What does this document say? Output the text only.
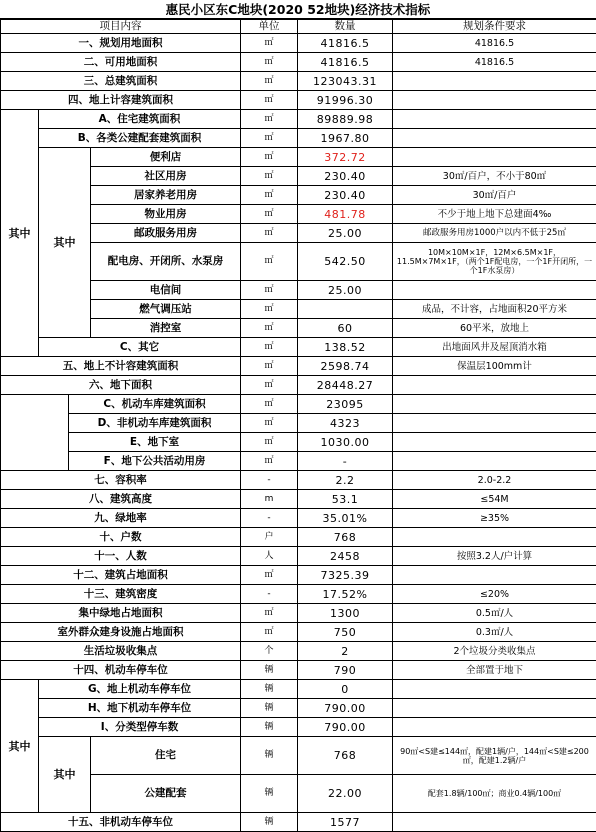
惠民小区东C地块(2020 52地块)经济技术指标
项目内容				单位	数量	规划条件要求
一、规划用地面积				㎡	41816.5	41816.5
二、可用地面积				㎡	41816.5	41816.5
三、总建筑面积				㎡	123043.31	
四、地上计容建筑面积				㎡	91996.30	
其中	A、住宅建筑面积			㎡	89889.98	
	B、各类公建配套建筑面积			㎡	1967.80	
	其中		便利店	㎡	372.72	
			社区用房	㎡	230.40	30㎡/百户，不小于80㎡
			居家养老用房	㎡	230.40	30㎡/百户
			物业用房	㎡	481.78	不少于地上地下总建面4‰
			邮政服务用房	㎡	25.00	邮政服务用房1000户以内不低于25㎡
			配电房、开闭所、水泵房	㎡	542.50	10M×10M×1F，12M×6.5M×1F，11.5M×7M×1F，（两个1F配电房，一个1F开闭所，一个1F水泵房）
			电信间	㎡	25.00	
			燃气调压站	㎡		成品，不计容，占地面积20平方米
			消控室	㎡	60	60平米，放地上
	C、其它			㎡	138.52	出地面风井及屋顶消水箱
五、地上不计容建筑面积				㎡	2598.74	保温层100mm计
六、地下面积				㎡	28448.27	
		C、机动车库建筑面积		㎡	23095	
		D、非机动车库建筑面积		㎡	4323	
		E、地下室		㎡	1030.00	
		F、地下公共活动用房		㎡	-	
七、容积率				-	2.2	2.0-2.2
八、建筑高度				m	53.1	≤54M
九、绿地率				-	35.01%	≥35%
十、户数				户	768	
十一、人数				人	2458	按照3.2人/户计算
十二、建筑占地面积				㎡	7325.39	
十三、建筑密度				-	17.52%	≤20%
集中绿地占地面积				㎡	1300	0.5㎡/人
室外群众建身设施占地面积				㎡	750	0.3㎡/人
生活垃圾收集点				个	2	2个垃圾分类收集点
十四、机动车停车位				辆	790	全部置于地下
其中	G、地上机动车停车位			辆	0	
	H、地下机动车停车位			辆	790.00	
	I、分类型停车数			辆	790.00	
	其中		住宅	辆	768	90㎡<S建≤144㎡，配建1辆/户，144㎡<S建≤200㎡，配建1.2辆/户
			公建配套	辆	22.00	配套1.8辆/100㎡；商业0.4辆/100㎡
十五、非机动车停车位				辆	1577	
